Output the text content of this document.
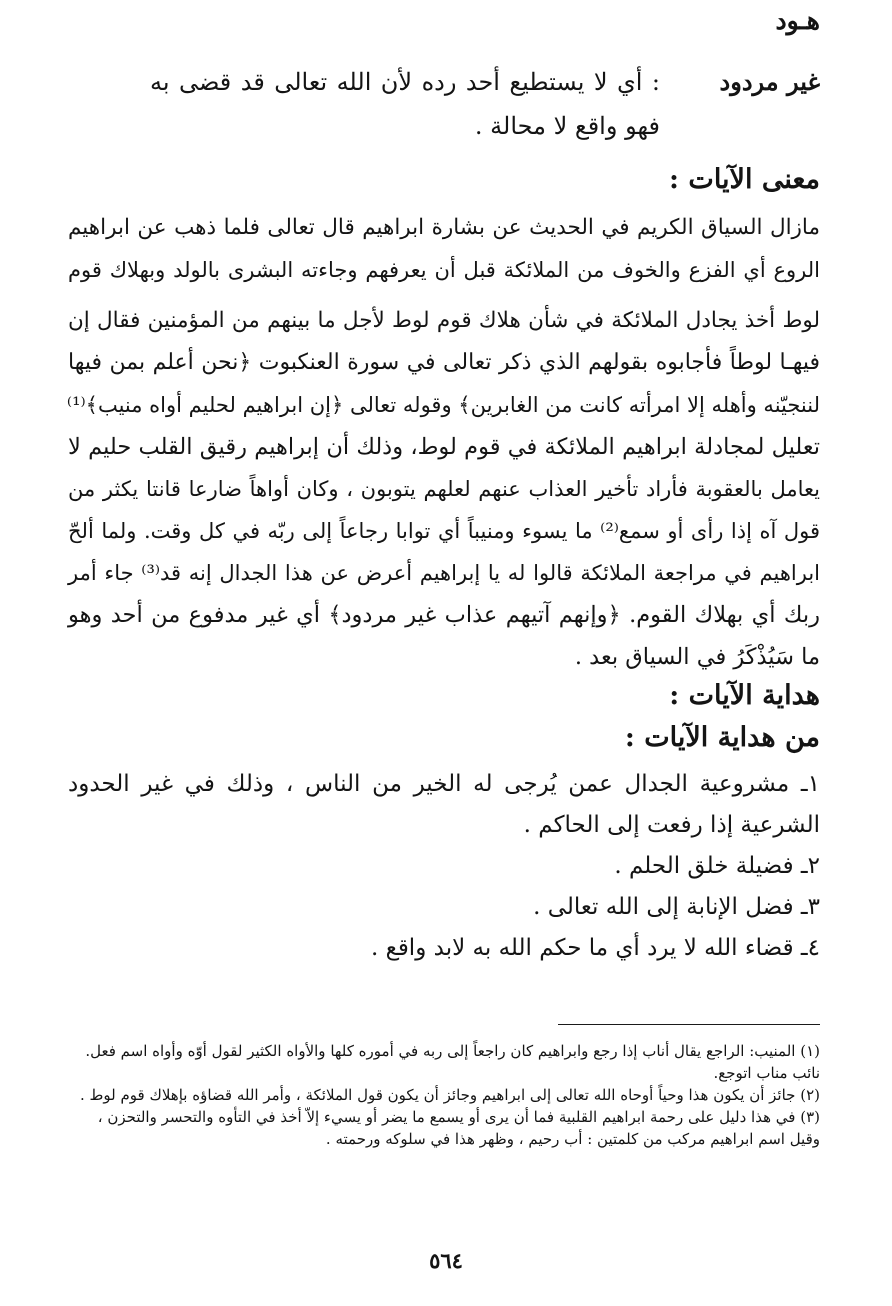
هـود
غير مردود
: أي لا يستطيع أحد رده لأن الله تعالى قد قضى به فهو واقع لا محالة .
معنى الآيات :
مازال السياق الكريم في الحديث عن بشارة ابراهيم قال تعالى فلما ذهب عن ابراهيم
الروع أي الفزع والخوف من الملائكة قبل أن يعرفهم وجاءته البشرى بالولد وبهلاك قوم
لوط أخذ يجادل الملائكة في شأن هلاك قوم لوط لأجل ما بينهم من المؤمنين فقال إن
فيهـا لوطاً فأجابوه بقولهم الذي ذكر تعالى في سورة العنكبوت ﴿نحن أعلم بمن فيها
لننجيّنه وأهله إلا امرأته كانت من الغابرين﴾ وقوله تعالى ﴿إن ابراهيم لحليم أواه منيب﴾⁽¹⁾
تعليل لمجادلة ابراهيم الملائكة في قوم لوط، وذلك أن إبراهيم رقيق القلب حليم لا
يعامل بالعقوبة فأراد تأخير العذاب عنهم لعلهم يتوبون ، وكان أواهاً ضارعا قانتا يكثر من
قول آه إذا رأى أو سمع⁽²⁾ ما يسوء ومنيباً أي توابا رجاعاً إلى ربّه في كل وقت. ولما ألحّ
ابراهيم في مراجعة الملائكة قالوا له يا إبراهيم أعرض عن هذا الجدال إنه قد⁽³⁾ جاء أمر
ربك أي بهلاك القوم. ﴿وإنهم آتيهم عذاب غير مردود﴾ أي غير مدفوع من أحد وهو
ما سَيُذْكَرُ في السياق بعد .
هداية الآيات :
من هداية الآيات :
١ـ مشروعية الجدال عمن يُرجى له الخير من الناس ، وذلك في غير الحدود الشرعية إذا رفعت إلى الحاكم .
٢ـ فضيلة خلق الحلم .
٣ـ فضل الإنابة إلى الله تعالى .
٤ـ قضاء الله لا يرد أي ما حكم الله به لابد واقع .
(١) المنيب: الراجع يقال أناب إذا رجع وابراهيم كان راجعاً إلى ربه في أموره كلها والأواه الكثير لقول أوّه وأواه اسم فعل.
نائب مناب اتوجع.
(٢) جائز أن يكون هذا وحياً أوحاه الله تعالى إلى ابراهيم وجائز أن يكون قول الملائكة ، وأمر الله قضاؤه بإهلاك قوم لوط .
(٣) في هذا دليل على رحمة ابراهيم القلبية فما أن يرى أو يسمع ما يضر أو يسيء إلاّ أخذ في التأوه والتحسر والتحزن ،
وقيل اسم ابراهيم مركب من كلمتين : أب رحيم ، وظهر هذا في سلوكه ورحمته .
٥٦٤
